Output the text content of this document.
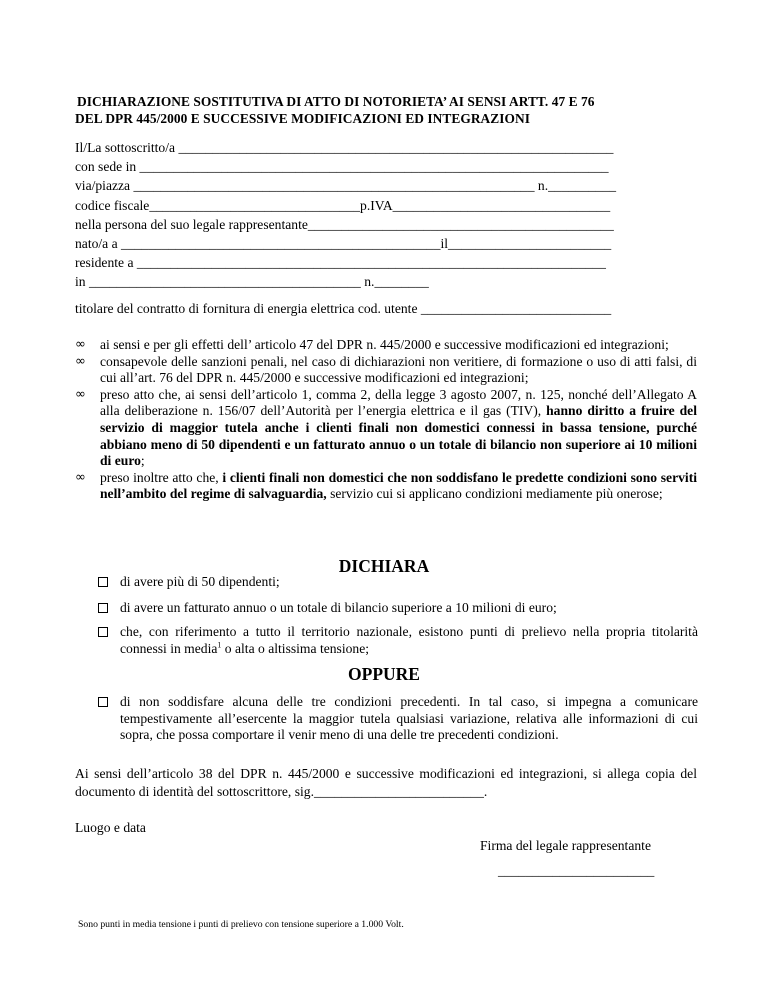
DICHIARAZIONE SOSTITUTIVA DI ATTO DI NOTORIETA’ AI SENSI ARTT. 47 E 76
DEL DPR 445/2000 E SUCCESSIVE MODIFICAZIONI ED INTEGRAZIONI
Il/La sottoscritto/a ________________________________________________________________
con sede in _____________________________________________________________________
via/piazza ___________________________________________________________ n.__________
codice fiscale_______________________________p.IVA________________________________
nella persona del suo legale rappresentante_____________________________________________
nato/a a _______________________________________________il________________________
residente a _____________________________________________________________________
in ________________________________________ n.________
titolare del contratto di fornitura di energia elettrica cod. utente ____________________________
∞ ai sensi e per gli effetti dell’ articolo 47 del DPR n. 445/2000 e successive modificazioni ed integrazioni;
∞ consapevole delle sanzioni penali, nel caso di dichiarazioni non veritiere, di formazione o uso di atti falsi, di cui all’art. 76 del DPR n. 445/2000 e successive modificazioni ed integrazioni;
∞ preso atto che, ai sensi dell’articolo 1, comma 2, della legge 3 agosto 2007, n. 125, nonché dell’Allegato A alla deliberazione n. 156/07 dell’Autorità per l’energia elettrica e il gas (TIV), hanno diritto a fruire del servizio di maggior tutela anche i clienti finali non domestici connessi in bassa tensione, purché abbiano meno di 50 dipendenti e un fatturato annuo o un totale di bilancio non superiore ai 10 milioni di euro;
∞ preso inoltre atto che, i clienti finali non domestici che non soddisfano le predette condizioni sono serviti nell’ambito del regime di salvaguardia, servizio cui si applicano condizioni mediamente più onerose;
DICHIARA
di avere più di 50 dipendenti;
di avere un fatturato annuo o un totale di bilancio superiore a 10 milioni di euro;
che, con riferimento a tutto il territorio nazionale, esistono punti di prelievo nella propria titolarità connessi in media$^1$ o alta o altissima tensione;
OPPURE
di non soddisfare alcuna delle tre condizioni precedenti. In tal caso, si impegna a comunicare tempestivamente all’esercente la maggior tutela qualsiasi variazione, relativa alle informazioni di cui sopra, che possa comportare il venir meno di una delle tre precedenti condizioni.
Ai sensi dell’articolo 38 del DPR n. 445/2000 e successive modificazioni ed integrazioni, si allega copia del documento di identità del sottoscrittore, sig._________________________.
Luogo e data
Firma del legale rappresentante
_______________________
Sono punti in media tensione i punti di prelievo con tensione superiore a 1.000 Volt.
